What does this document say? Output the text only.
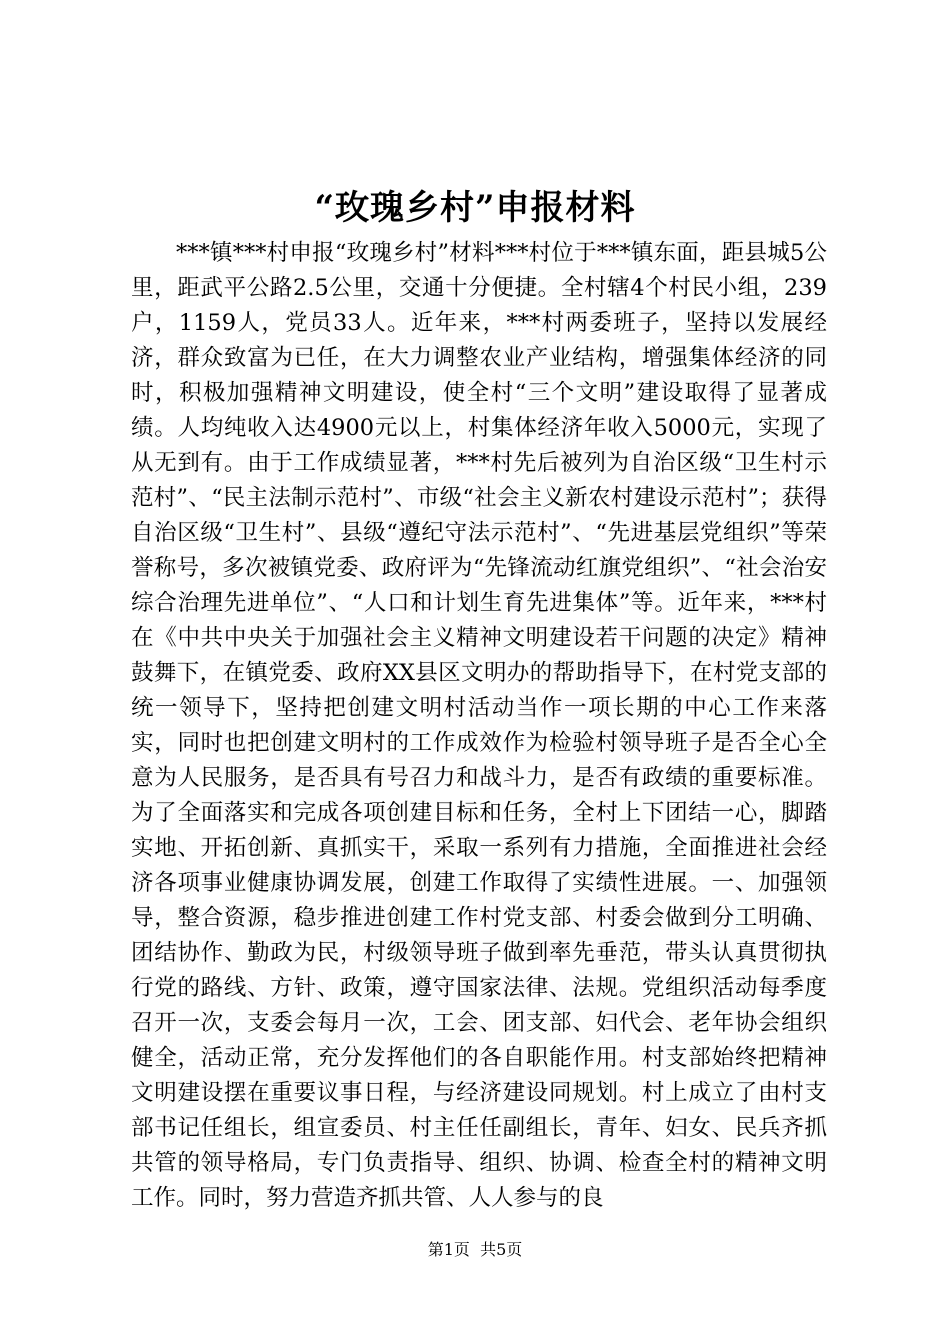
“玫瑰乡村”申报材料

***镇***村申报“玫瑰乡村”材料***村位于***镇东面，距县城5公里，距武平公路2.5公里，交通十分便捷。全村辖4个村民小组，239户，1159人，党员33人。近年来，***村两委班子，坚持以发展经济，群众致富为已任，在大力调整农业产业结构，增强集体经济的同时，积极加强精神文明建设，使全村“三个文明”建设取得了显著成绩。人均纯收入达4900元以上，村集体经济年收入5000元，实现了从无到有。由于工作成绩显著，***村先后被列为自治区级“卫生村示范村”、“民主法制示范村”、市级“社会主义新农村建设示范村”；获得自治区级“卫生村”、县级“遵纪守法示范村”、“先进基层党组织”等荣誉称号，多次被镇党委、政府评为“先锋流动红旗党组织”、“社会治安综合治理先进单位”、“人口和计划生育先进集体”等。近年来，***村在《中共中央关于加强社会主义精神文明建设若干问题的决定》精神鼓舞下，在镇党委、政府XX县区文明办的帮助指导下，在村党支部的统一领导下，坚持把创建文明村活动当作一项长期的中心工作来落实，同时也把创建文明村的工作成效作为检验村领导班子是否全心全意为人民服务，是否具有号召力和战斗力，是否有政绩的重要标准。为了全面落实和完成各项创建目标和任务，全村上下团结一心，脚踏实地、开拓创新、真抓实干，采取一系列有力措施，全面推进社会经济各项事业健康协调发展，创建工作取得了实绩性进展。一、加强领导，整合资源，稳步推进创建工作村党支部、村委会做到分工明确、团结协作、勤政为民，村级领导班子做到率先垂范，带头认真贯彻执行党的路线、方针、政策，遵守国家法律、法规。党组织活动每季度召开一次，支委会每月一次，工会、团支部、妇代会、老年协会组织健全，活动正常，充分发挥他们的各自职能作用。村支部始终把精神文明建设摆在重要议事日程，与经济建设同规划。村上成立了由村支部书记任组长，组宣委员、村主任任副组长，青年、妇女、民兵齐抓共管的领导格局，专门负责指导、组织、协调、检查全村的精神文明工作。同时，努力营造齐抓共管、人人参与的良

第1页 共5页
